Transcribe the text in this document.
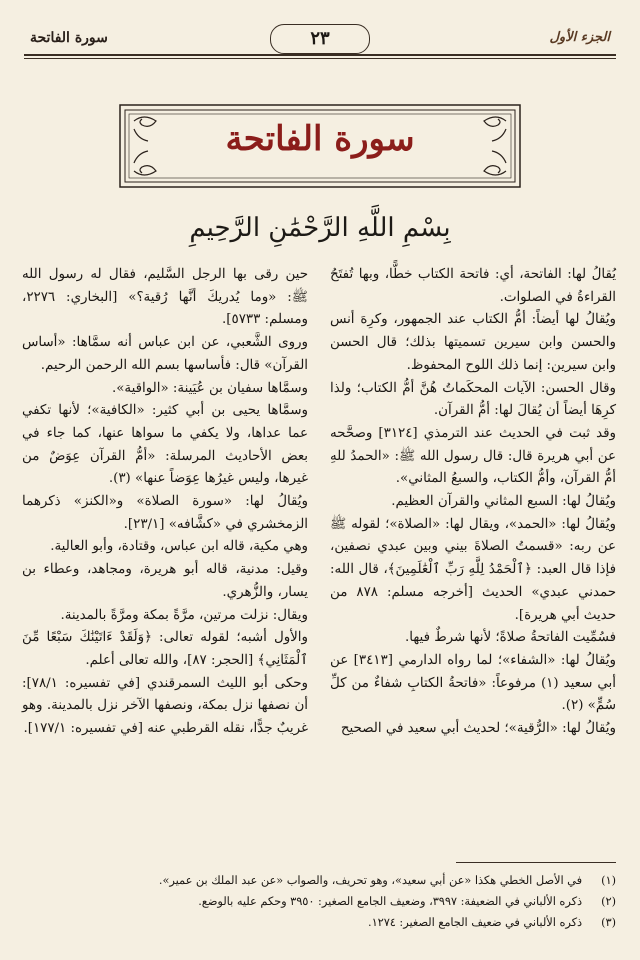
الجزء الأول
٢٣
سورة الفاتحة
سورة الفاتحة
بِسْمِ اللَّهِ الرَّحْمَٰنِ الرَّحِيمِ

يُقالُ لها: الفاتحة، أي: فاتحة الكتاب خطًّا، وبها تُفتَحُ القراءةُ في الصلوات.

ويُقالُ لها أيضاً: أمُّ الكتاب عند الجمهور، وكرِهَ أنس والحسن وابن سيرين تسميتها بذلك؛ قال الحسن وابن سيرين: إنما ذلك اللوح المحفوظ.

وقال الحسن: الآيات المحكَماتُ هُنَّ أمُّ الكتاب؛ ولذا كرِهَا أيضاً أن يُقالَ لها: أمُّ القرآن.

وقد ثبت في الحديث عند الترمذي [٣١٢٤] وصحَّحه عن أبي هريرة قال: قال رسول الله ﷺ: «الحمدُ للهِ أمُّ القرآن، وأمُّ الكتاب، والسبعُ المثاني».

ويُقالُ لها: السبع المثاني والقرآن العظيم.

ويُقالُ لها: «الحمد»، ويقال لها: «الصلاة»؛ لقوله ﷺ عن ربه: «قسمتُ الصلاةَ بيني وبين عبدي نصفين، فإذا قال العبد: ﴿ٱلْحَمْدُ لِلَّهِ رَبِّ ٱلْعَٰلَمِينَ﴾، قال الله: حمدني عبدي» الحديث [أخرجه مسلم: ٨٧٨ من حديث أبي هريرة].

فسُمِّيت الفاتحةُ صلاةً؛ لأنها شرطٌ فيها.

ويُقالُ لها: «الشفاء»؛ لما رواه الدارمي [٣٤١٣] عن أبي سعيد (١) مرفوعاً: «فاتحةُ الكتابِ شفاءٌ من كلِّ سُمٍّ» (٢).

ويُقالُ لها: «الرُّقية»؛ لحديث أبي سعيد في الصحيح

حين رقى بها الرجل السَّليم، فقال له رسول الله ﷺ: «وما يُدريكَ أنَّها رُقية؟» [البخاري: ٢٢٧٦، ومسلم: ٥٧٣٣].

وروى الشَّعبي، عن ابن عباس أنه سمَّاها: «أساس القرآن» قال: فأساسها بسم الله الرحمن الرحيم.

وسمَّاها سفيان بن عُيَينة: «الواقية».

وسمَّاها يحيى بن أبي كثير: «الكافية»؛ لأنها تكفي عما عداها، ولا يكفي ما سواها عنها، كما جاء في بعض الأحاديث المرسلة: «أمُّ القرآن عِوَضٌ من غيرها، وليس غيرُها عِوَضاً عنها» (٣).

ويُقالُ لها: «سورة الصلاة» و«الكنز» ذكرهما الزمخشري في «كشَّافه» [٢٣/١].

وهي مكية، قاله ابن عباس، وقتادة، وأبو العالية.

وقيل: مدنية، قاله أبو هريرة، ومجاهد، وعطاء بن يسار، والزُّهري.

ويقال: نزلت مرتين، مرَّةً بمكة ومرَّةً بالمدينة.

والأول أشبه؛ لقوله تعالى: ﴿وَلَقَدْ ءَاتَيْنَٰكَ سَبْعًا مِّنَ ٱلْمَثَانِي﴾ [الحجر: ٨٧]، والله تعالى أعلم.

وحكى أبو الليث السمرقندي [في تفسيره: ٧٨/١]: أن نصفها نزل بمكة، ونصفها الآخر نزل بالمدينة. وهو غريبٌ جدًّا، نقله القرطبي عنه [في تفسيره: ١٧٧/١].

(١)
في الأصل الخطي هكذا «عن أبي سعيد»، وهو تحريف، والصواب «عن عبد الملك بن عمير».
(٢)
ذكره الألباني في الضعيفة: ٣٩٩٧، وضعيف الجامع الصغير: ٣٩٥٠ وحكم عليه بالوضع.
(٣)
ذكره الألباني في ضعيف الجامع الصغير: ١٢٧٤.
